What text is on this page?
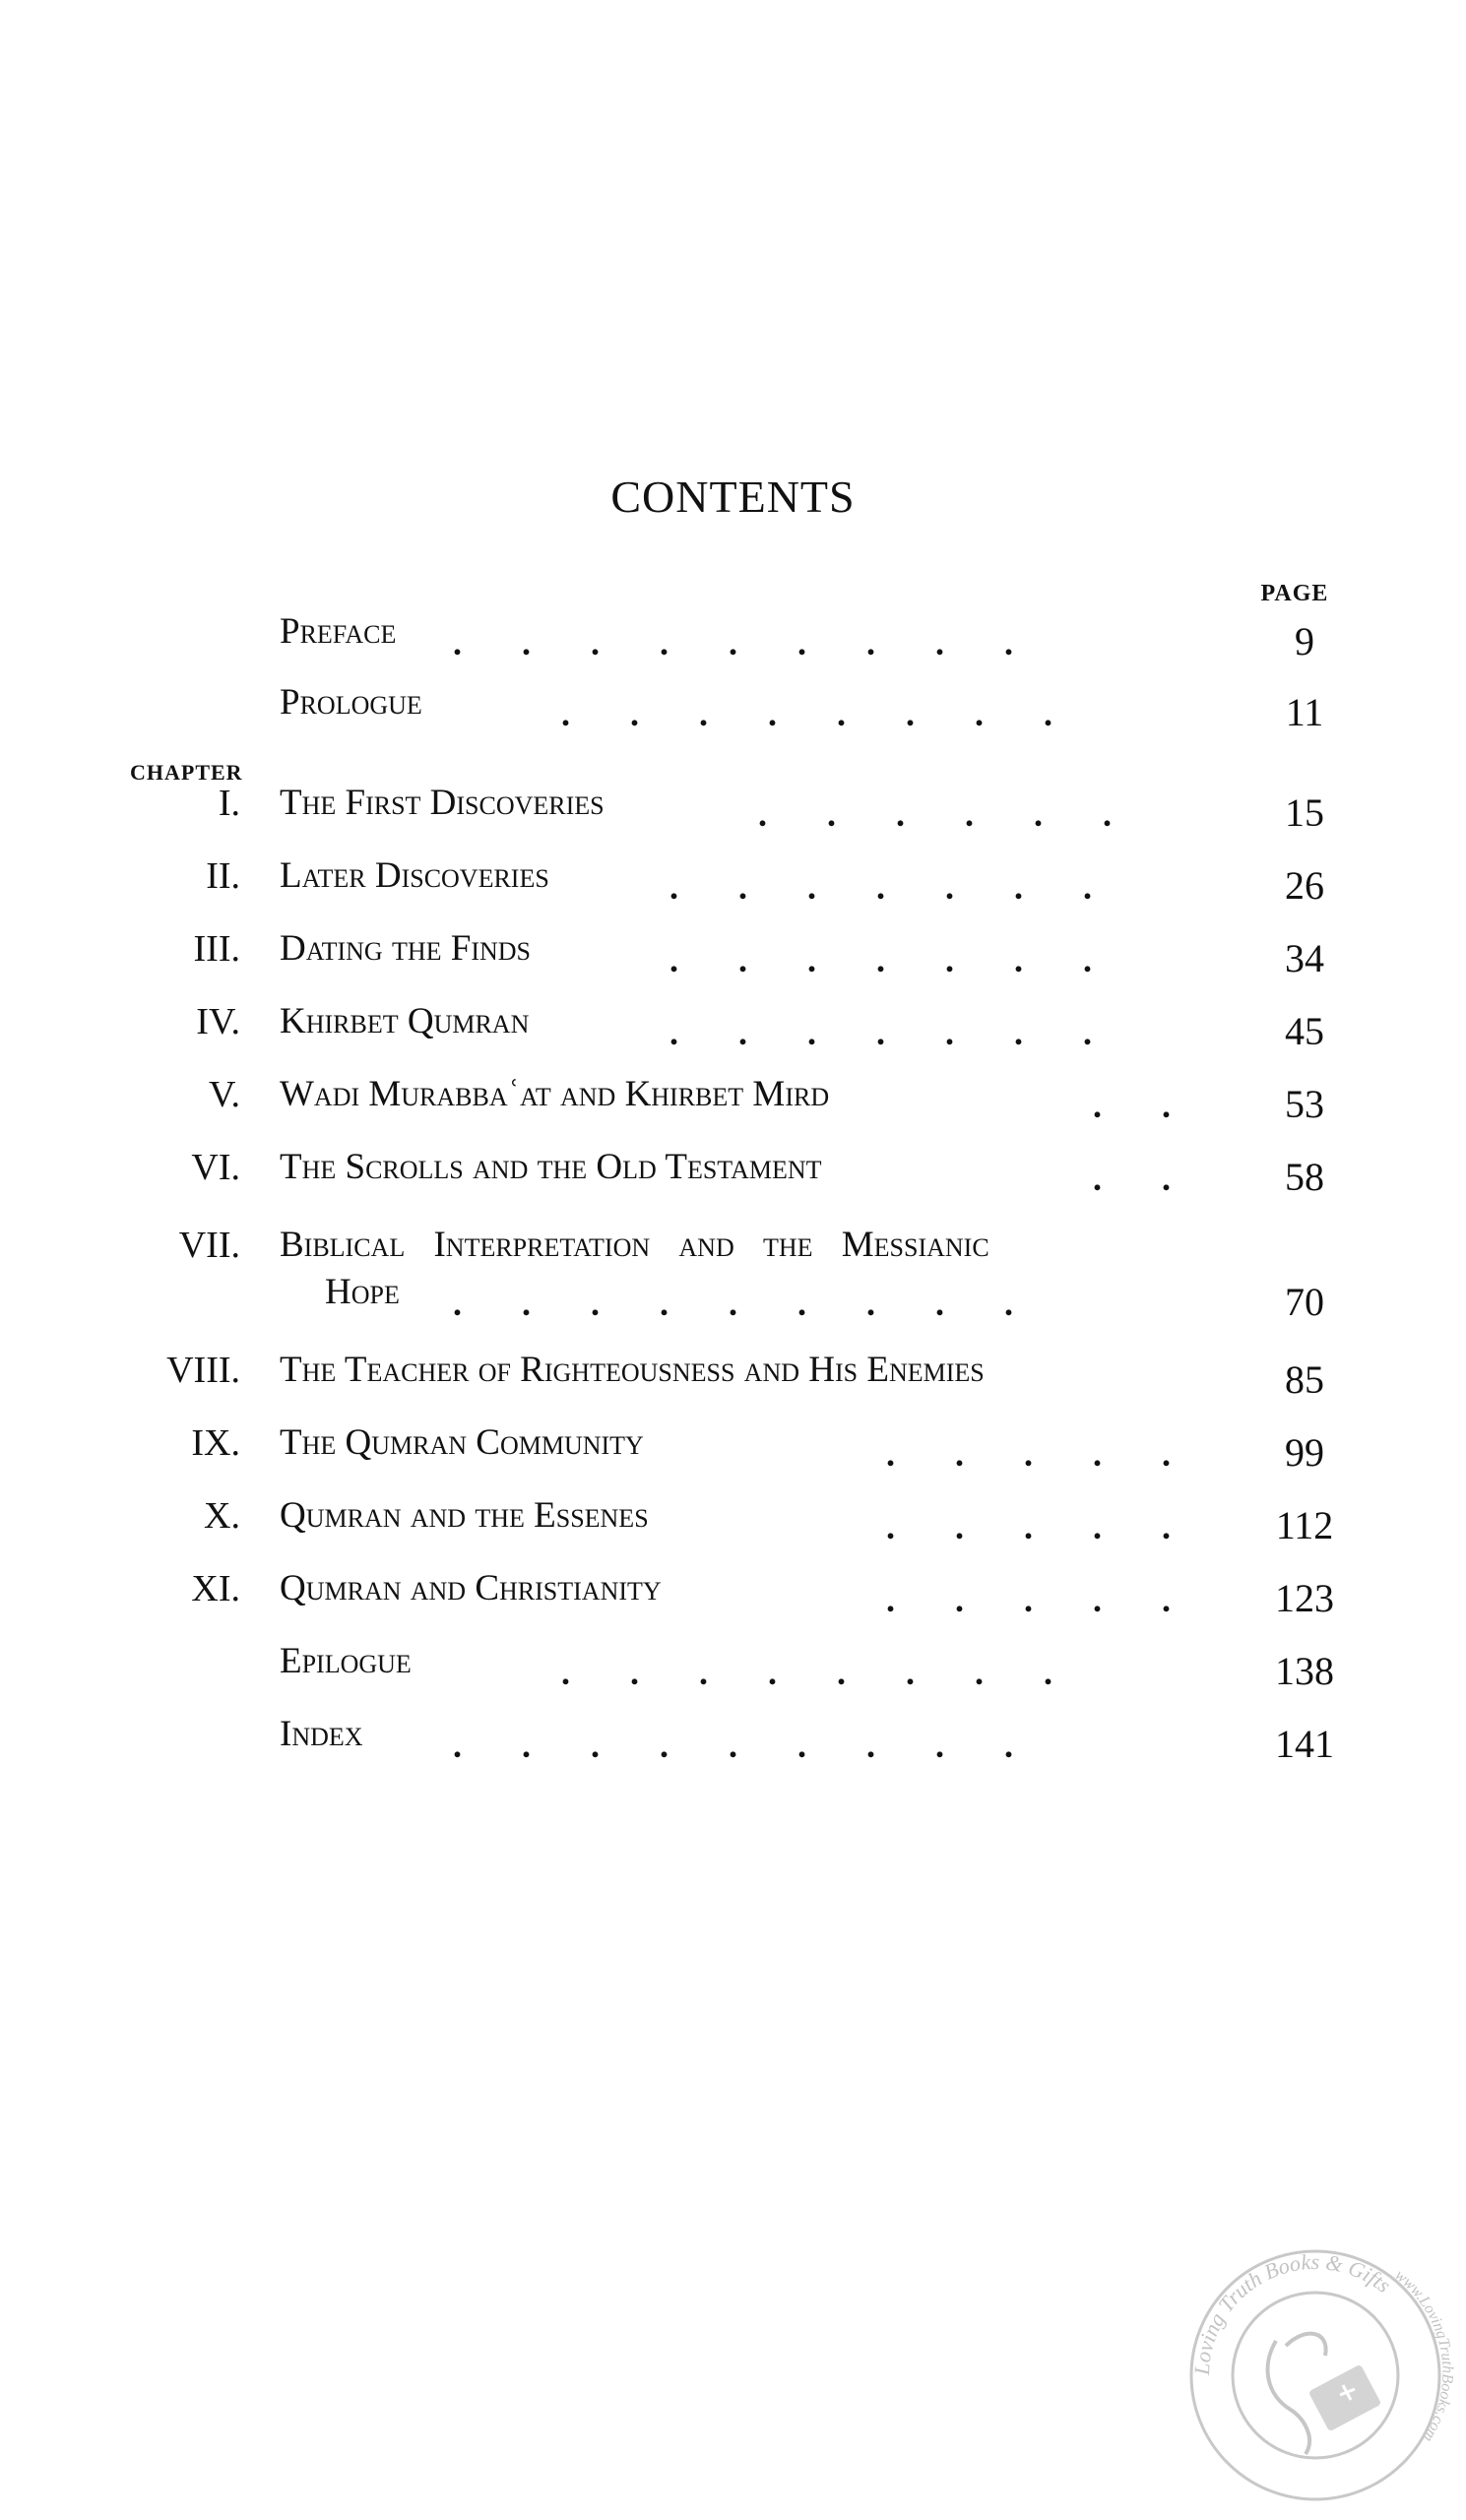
CONTENTS
PAGE
CHAPTER
Preface . . . . . . . . .	9
Prologue	. . . . . . . .	11
I. The First Discoveries	. . . . . .	15
II. Later Discoveries	. . . . . . .	26
III. Dating the Finds	. . . . . . .	34
IV. Khirbet Qumran	. . . . . . .	45
V. Wadi Murabbaʿat and Khirbet Mird	. .	53
VI. The Scrolls and the Old Testament	. .	58
VII. Biblical Interpretation and the Messianic
Hope . . . . . . . . .	70
VIII. The Teacher of Righteousness and His Enemies	85
IX. The Qumran Community	. . . . .	99
X. Qumran and the Essenes	. . . . .	112
XI. Qumran and Christianity	. . . . .	123
Epilogue	. . . . . . . .	138
Index	. . . . . . . . .	141
Loving Truth Books & Gifts
www.LovingTruthBooks.com
